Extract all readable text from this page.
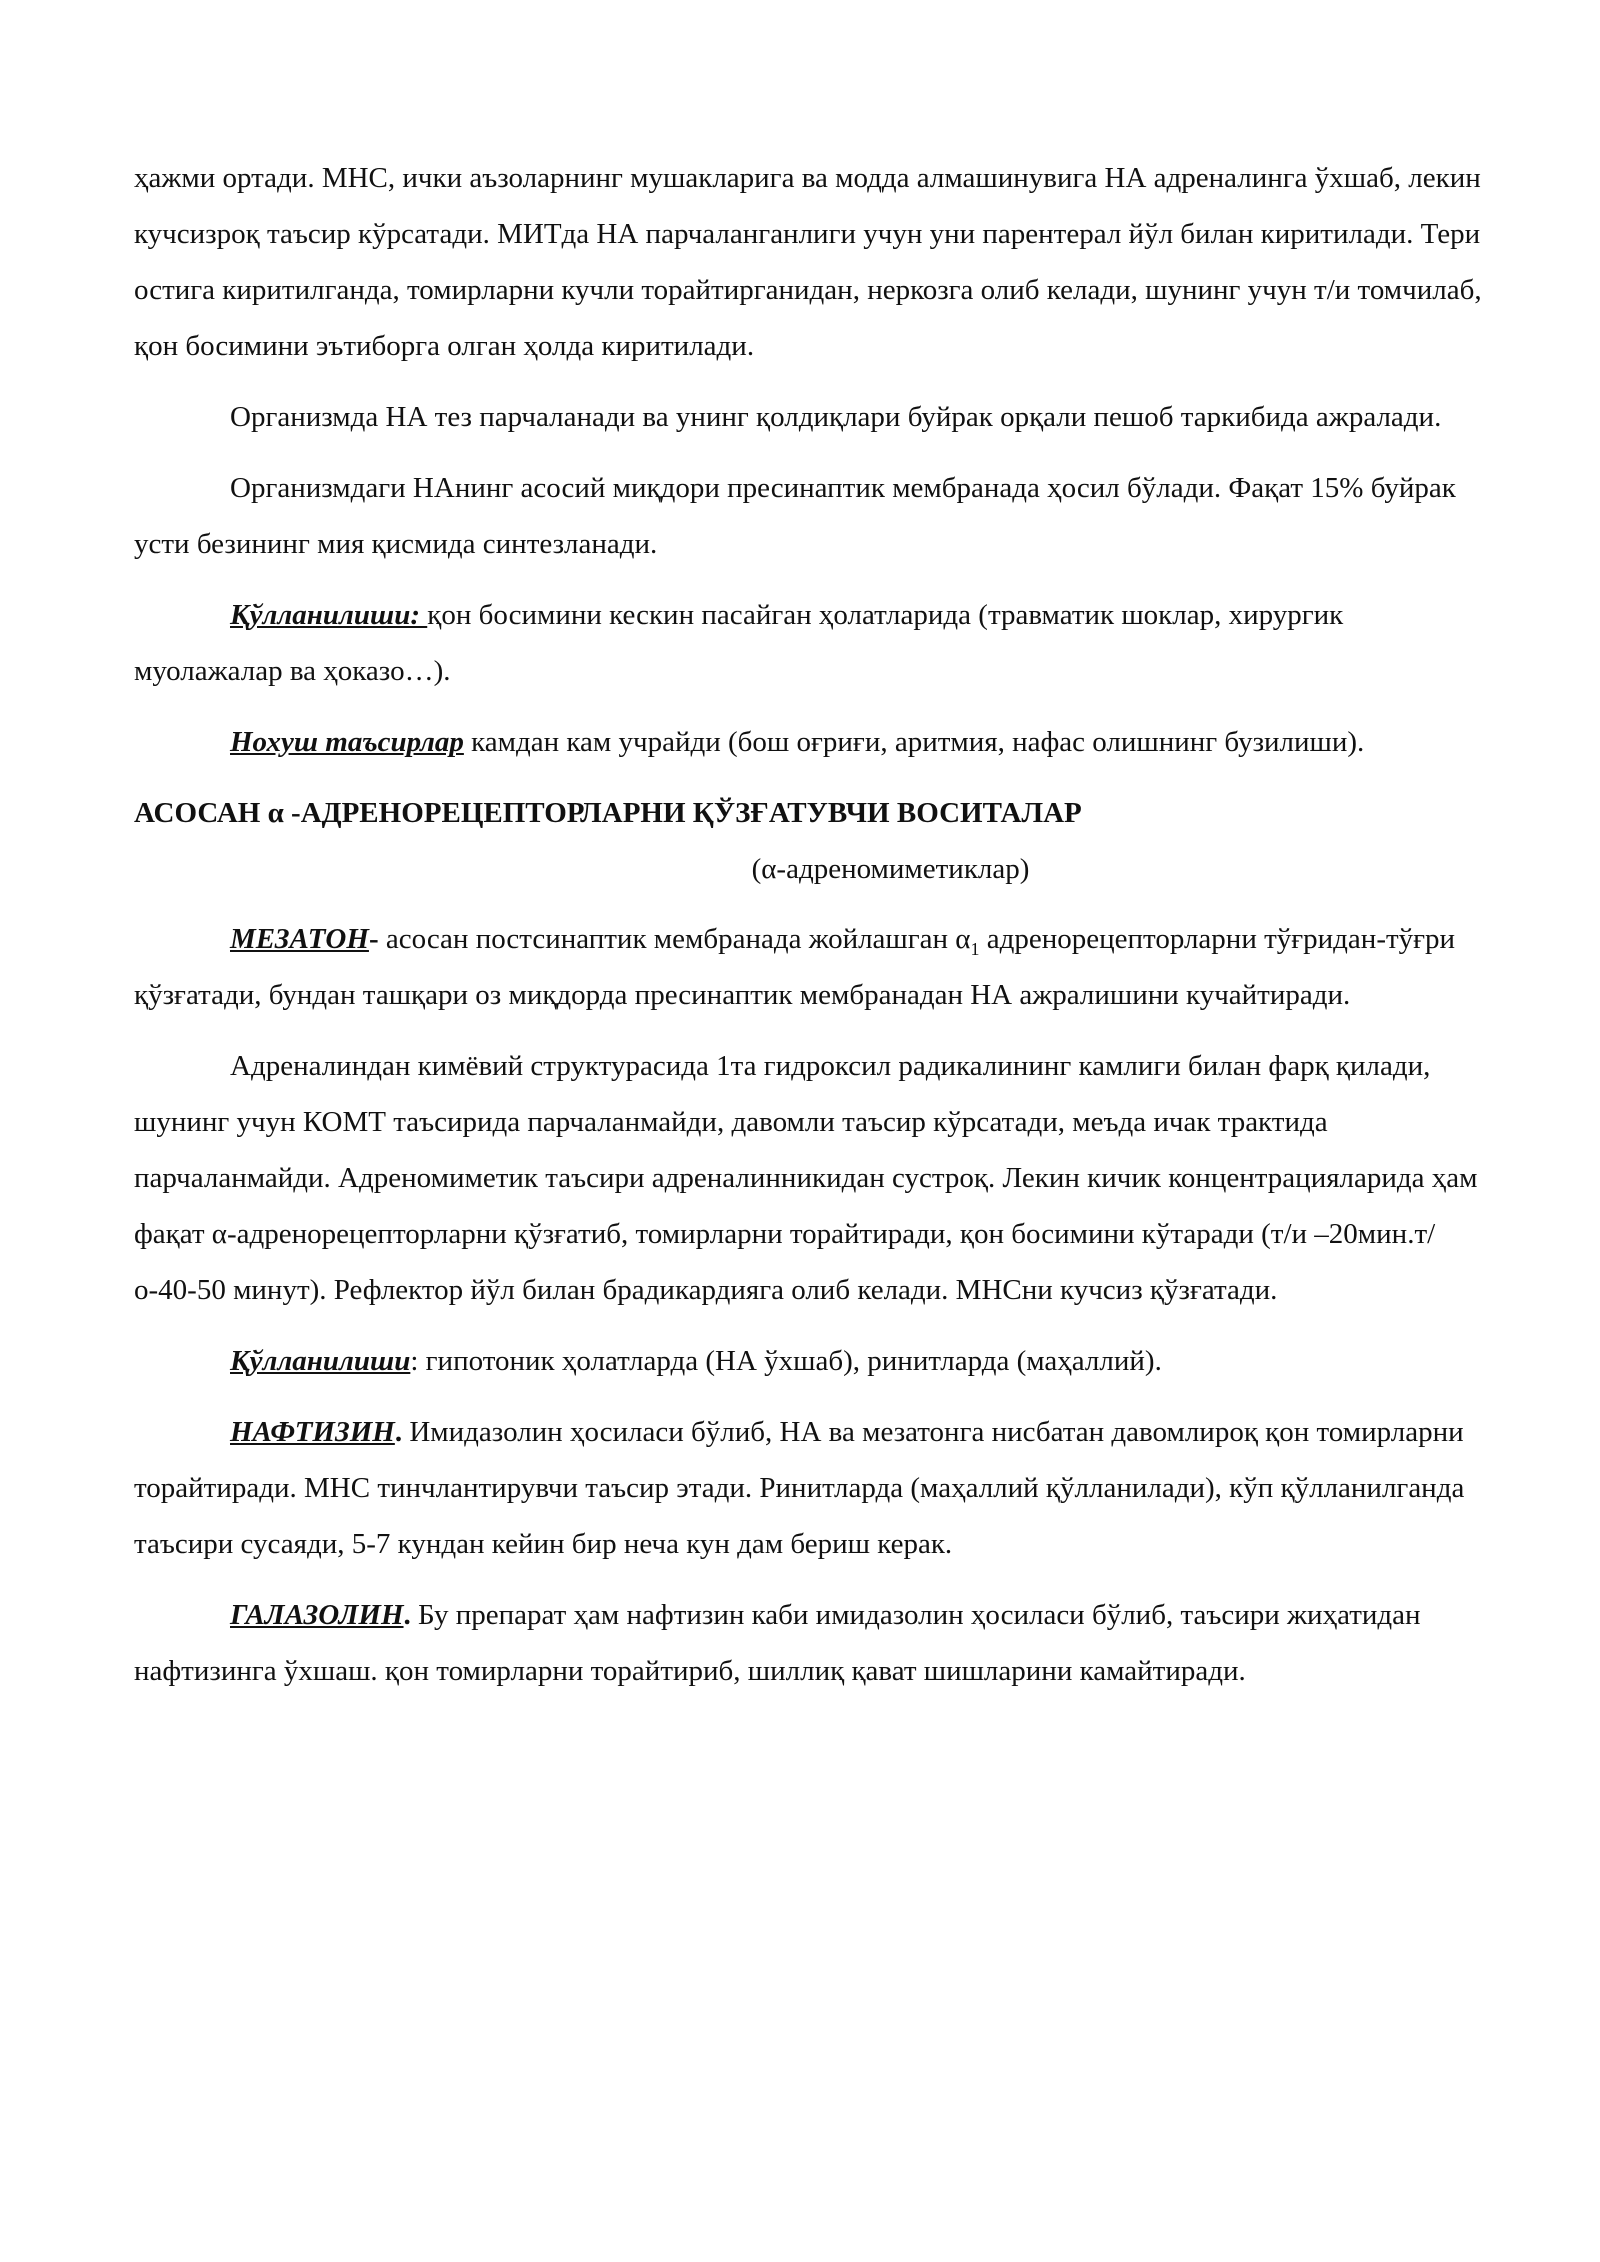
ҳажми ортади. МНС, ички аъзоларнинг мушакларига ва модда алмашинувига НА адреналинга ўхшаб, лекин кучсизроқ таъсир кўрсатади. МИТда НА парчаланганлиги учун уни парентерал йўл билан киритилади. Тери остига киритилганда, томирларни кучли торайтирганидан, неркозга олиб келади, шунинг учун т/и томчилаб, қон босимини эътиборга олган ҳолда киритилади.

Организмда НА тез парчаланади ва унинг қолдиқлари буйрак орқали пешоб таркибида ажралади.

Организмдаги НАнинг асосий миқдори пресинаптик мембранада ҳосил бўлади. Фақат 15% буйрак усти безининг мия қисмида синтезланади.

Қўлланилиши: қон босимини кескин пасайган ҳолатларида (травматик шоклар, хирургик муолажалар ва ҳоказо…).

Нохуш таъсирлар камдан кам учрайди (бош оғриғи, аритмия, нафас олишнинг бузилиши).

АСОСАН α -АДРЕНОРЕЦЕПТОРЛАРНИ ҚЎЗҒАТУВЧИ ВОСИТАЛАР

(α-адреномиметиклар)

МЕЗАТОН- асосан постсинаптик мембранада жойлашган $\alpha_1$ адренорецепторларни тўғридан-тўғри қўзғатади, бундан ташқари оз миқдорда пресинаптик мембранадан НА ажралишини кучайтиради.

Адреналиндан кимёвий структурасида 1та гидроксил радикалининг камлиги билан фарқ қилади, шунинг учун КОМТ таъсирида парчаланмайди, давомли таъсир кўрсатади, меъда ичак трактида парчаланмайди. Адреномиметик таъсири адреналинникидан сустроқ. Лекин кичик концентрацияларида ҳам фақат α-адренорецепторларни қўзғатиб, томирларни торайтиради, қон босимини кўтаради (т/и –20мин.т/о-40-50 минут). Рефлектор йўл билан брадикардияга олиб келади. МНСни кучсиз қўзғатади.

Қўлланилиши: гипотоник ҳолатларда (НА ўхшаб), ринитларда (маҳаллий).

НАФТИЗИН. Имидазолин ҳосиласи бўлиб, НА ва мезатонга нисбатан давомлироқ қон томирларни торайтиради. МНС тинчлантирувчи таъсир этади. Ринитларда (маҳаллий қўлланилади), кўп қўлланилганда таъсири сусаяди, 5-7 кундан кейин бир неча кун дам бериш керак.

ГАЛАЗОЛИН. Бу препарат ҳам нафтизин каби имидазолин ҳосиласи бўлиб, таъсири жиҳатидан нафтизинга ўхшаш. қон томирларни торайтириб, шиллиқ қават шишларини камайтиради.
